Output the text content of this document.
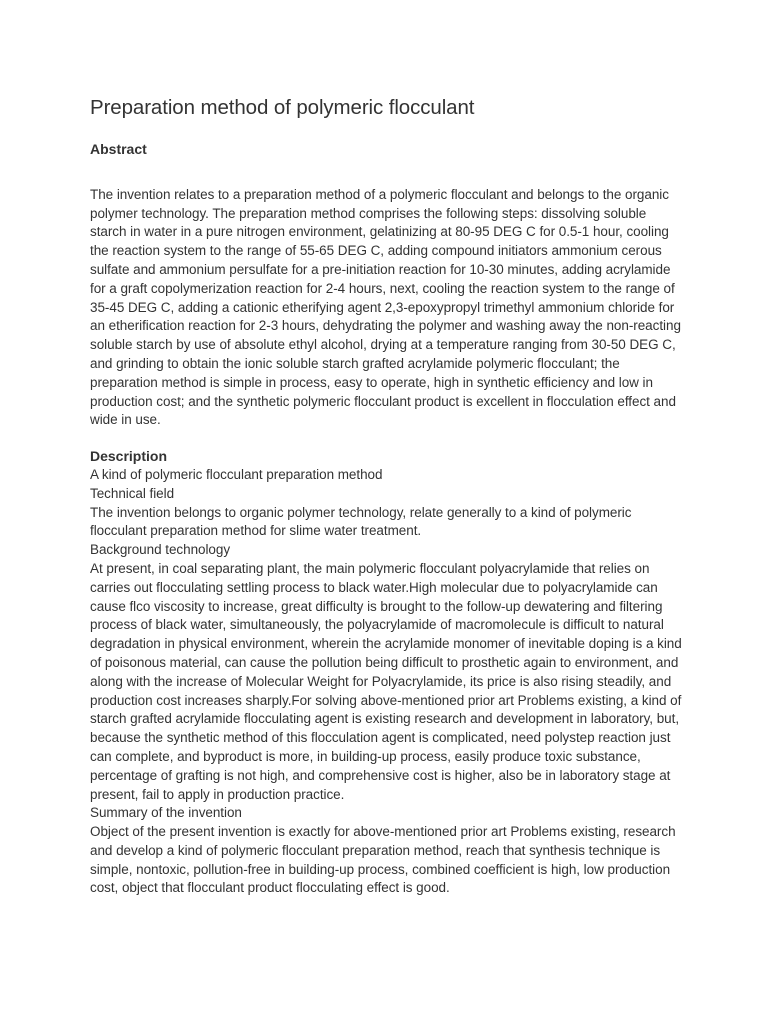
Preparation method of polymeric flocculant
Abstract

The invention relates to a preparation method of a polymeric flocculant and belongs to the organic polymer technology. The preparation method comprises the following steps: dissolving soluble starch in water in a pure nitrogen environment, gelatinizing at 80-95 DEG C for 0.5-1 hour, cooling the reaction system to the range of 55-65 DEG C, adding compound initiators ammonium cerous sulfate and ammonium persulfate for a pre-initiation reaction for 10-30 minutes, adding acrylamide for a graft copolymerization reaction for 2-4 hours, next, cooling the reaction system to the range of 35-45 DEG C, adding a cationic etherifying agent 2,3-epoxypropyl trimethyl ammonium chloride for an etherification reaction for 2-3 hours, dehydrating the polymer and washing away the non-reacting soluble starch by use of absolute ethyl alcohol, drying at a temperature ranging from 30-50 DEG C, and grinding to obtain the ionic soluble starch grafted acrylamide polymeric flocculant; the preparation method is simple in process, easy to operate, high in synthetic efficiency and low in production cost; and the synthetic polymeric flocculant product is excellent in flocculation effect and wide in use.

Description

A kind of polymeric flocculant preparation method

Technical field

The invention belongs to organic polymer technology, relate generally to a kind of polymeric flocculant preparation method for slime water treatment.

Background technology

At present, in coal separating plant, the main polymeric flocculant polyacrylamide that relies on carries out flocculating settling process to black water.High molecular due to polyacrylamide can cause flco viscosity to increase, great difficulty is brought to the follow-up dewatering and filtering process of black water, simultaneously, the polyacrylamide of macromolecule is difficult to natural degradation in physical environment, wherein the acrylamide monomer of inevitable doping is a kind of poisonous material, can cause the pollution being difficult to prosthetic again to environment, and along with the increase of Molecular Weight for Polyacrylamide, its price is also rising steadily, and production cost increases sharply.For solving above-mentioned prior art Problems existing, a kind of starch grafted acrylamide flocculating agent is existing research and development in laboratory, but, because the synthetic method of this flocculation agent is complicated, need polystep reaction just can complete, and byproduct is more, in building-up process, easily produce toxic substance, percentage of grafting is not high, and comprehensive cost is higher, also be in laboratory stage at present, fail to apply in production practice.

Summary of the invention

Object of the present invention is exactly for above-mentioned prior art Problems existing, research and develop a kind of polymeric flocculant preparation method, reach that synthesis technique is simple, nontoxic, pollution-free in building-up process, combined coefficient is high, low production cost, object that flocculant product flocculating effect is good.
